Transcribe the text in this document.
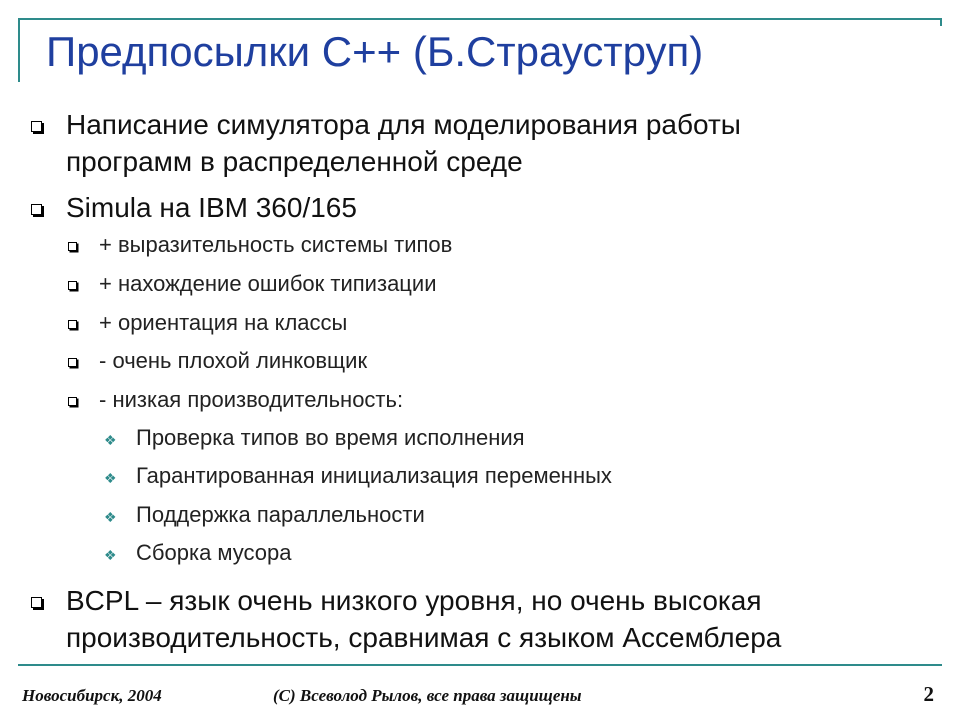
Предпосылки C++ (Б.Страуструп)
Написание симулятора для моделирования работы
программ в распределенной среде
Simula на IBM 360/165
+ выразительность системы типов
+ нахождение ошибок типизации
+ ориентация на классы
- очень плохой линковщик
- низкая производительность:
❖ Проверка типов во время исполнения
❖ Гарантированная инициализация переменных
❖ Поддержка параллельности
❖ Сборка мусора
BCPL – язык очень низкого уровня, но очень высокая
производительность, сравнимая с языком Ассемблера
Новосибирск, 2004	(С) Всеволод Рылов, все права защищены	2
